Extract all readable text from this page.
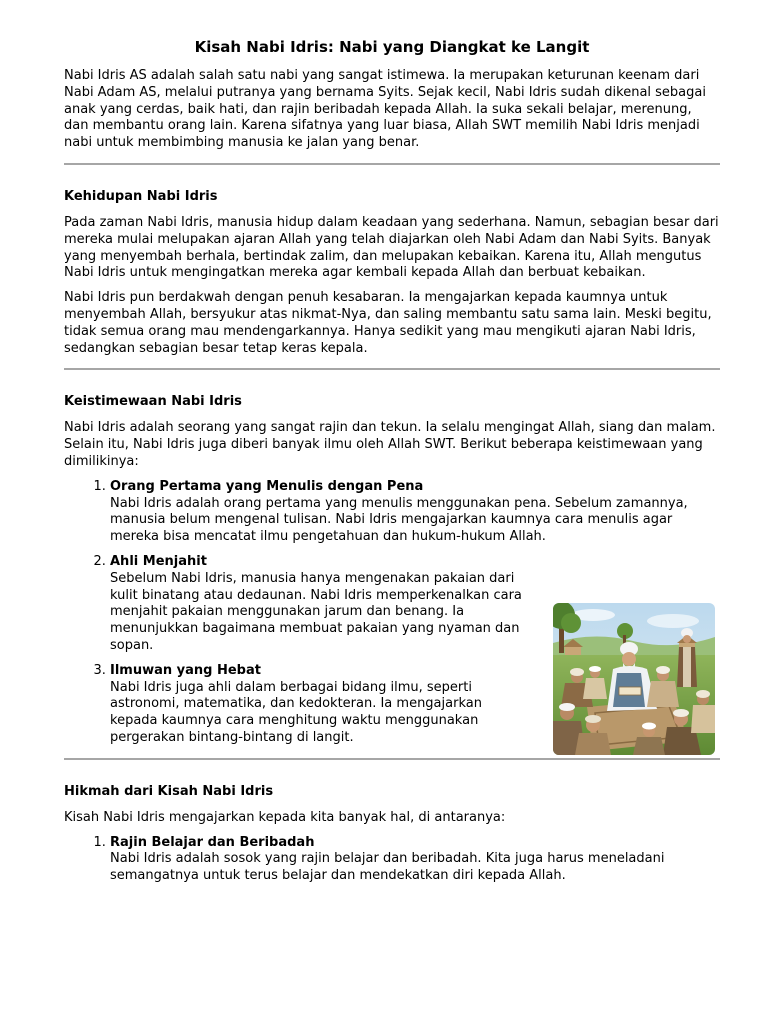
Kisah Nabi Idris: Nabi yang Diangkat ke Langit

Nabi Idris AS adalah salah satu nabi yang sangat istimewa. Ia merupakan keturunan keenam dari Nabi Adam AS, melalui putranya yang bernama Syits. Sejak kecil, Nabi Idris sudah dikenal sebagai anak yang cerdas, baik hati, dan rajin beribadah kepada Allah. Ia suka sekali belajar, merenung, dan membantu orang lain. Karena sifatnya yang luar biasa, Allah SWT memilih Nabi Idris menjadi nabi untuk membimbing manusia ke jalan yang benar.

Kehidupan Nabi Idris

Pada zaman Nabi Idris, manusia hidup dalam keadaan yang sederhana. Namun, sebagian besar dari mereka mulai melupakan ajaran Allah yang telah diajarkan oleh Nabi Adam dan Nabi Syits. Banyak yang menyembah berhala, bertindak zalim, dan melupakan kebaikan. Karena itu, Allah mengutus Nabi Idris untuk mengingatkan mereka agar kembali kepada Allah dan berbuat kebaikan.

Nabi Idris pun berdakwah dengan penuh kesabaran. Ia mengajarkan kepada kaumnya untuk menyembah Allah, bersyukur atas nikmat-Nya, dan saling membantu satu sama lain. Meski begitu, tidak semua orang mau mendengarkannya. Hanya sedikit yang mau mengikuti ajaran Nabi Idris, sedangkan sebagian besar tetap keras kepala.

Keistimewaan Nabi Idris

Nabi Idris adalah seorang yang sangat rajin dan tekun. Ia selalu mengingat Allah, siang dan malam. Selain itu, Nabi Idris juga diberi banyak ilmu oleh Allah SWT. Berikut beberapa keistimewaan yang dimilikinya:

1. Orang Pertama yang Menulis dengan Pena
Nabi Idris adalah orang pertama yang menulis menggunakan pena. Sebelum zamannya, manusia belum mengenal tulisan. Nabi Idris mengajarkan kaumnya cara menulis agar mereka bisa mencatat ilmu pengetahuan dan hukum-hukum Allah.
2. Ahli Menjahit
Sebelum Nabi Idris, manusia hanya mengenakan pakaian dari kulit binatang atau dedaunan. Nabi Idris memperkenalkan cara menjahit pakaian menggunakan jarum dan benang. Ia menunjukkan bagaimana membuat pakaian yang nyaman dan sopan.
3. Ilmuwan yang Hebat
Nabi Idris juga ahli dalam berbagai bidang ilmu, seperti astronomi, matematika, dan kedokteran. Ia mengajarkan kepada kaumnya cara menghitung waktu menggunakan pergerakan bintang-bintang di langit.
Hikmah dari Kisah Nabi Idris

Kisah Nabi Idris mengajarkan kepada kita banyak hal, di antaranya:

1. Rajin Belajar dan Beribadah
Nabi Idris adalah sosok yang rajin belajar dan beribadah. Kita juga harus meneladani semangatnya untuk terus belajar dan mendekatkan diri kepada Allah.
